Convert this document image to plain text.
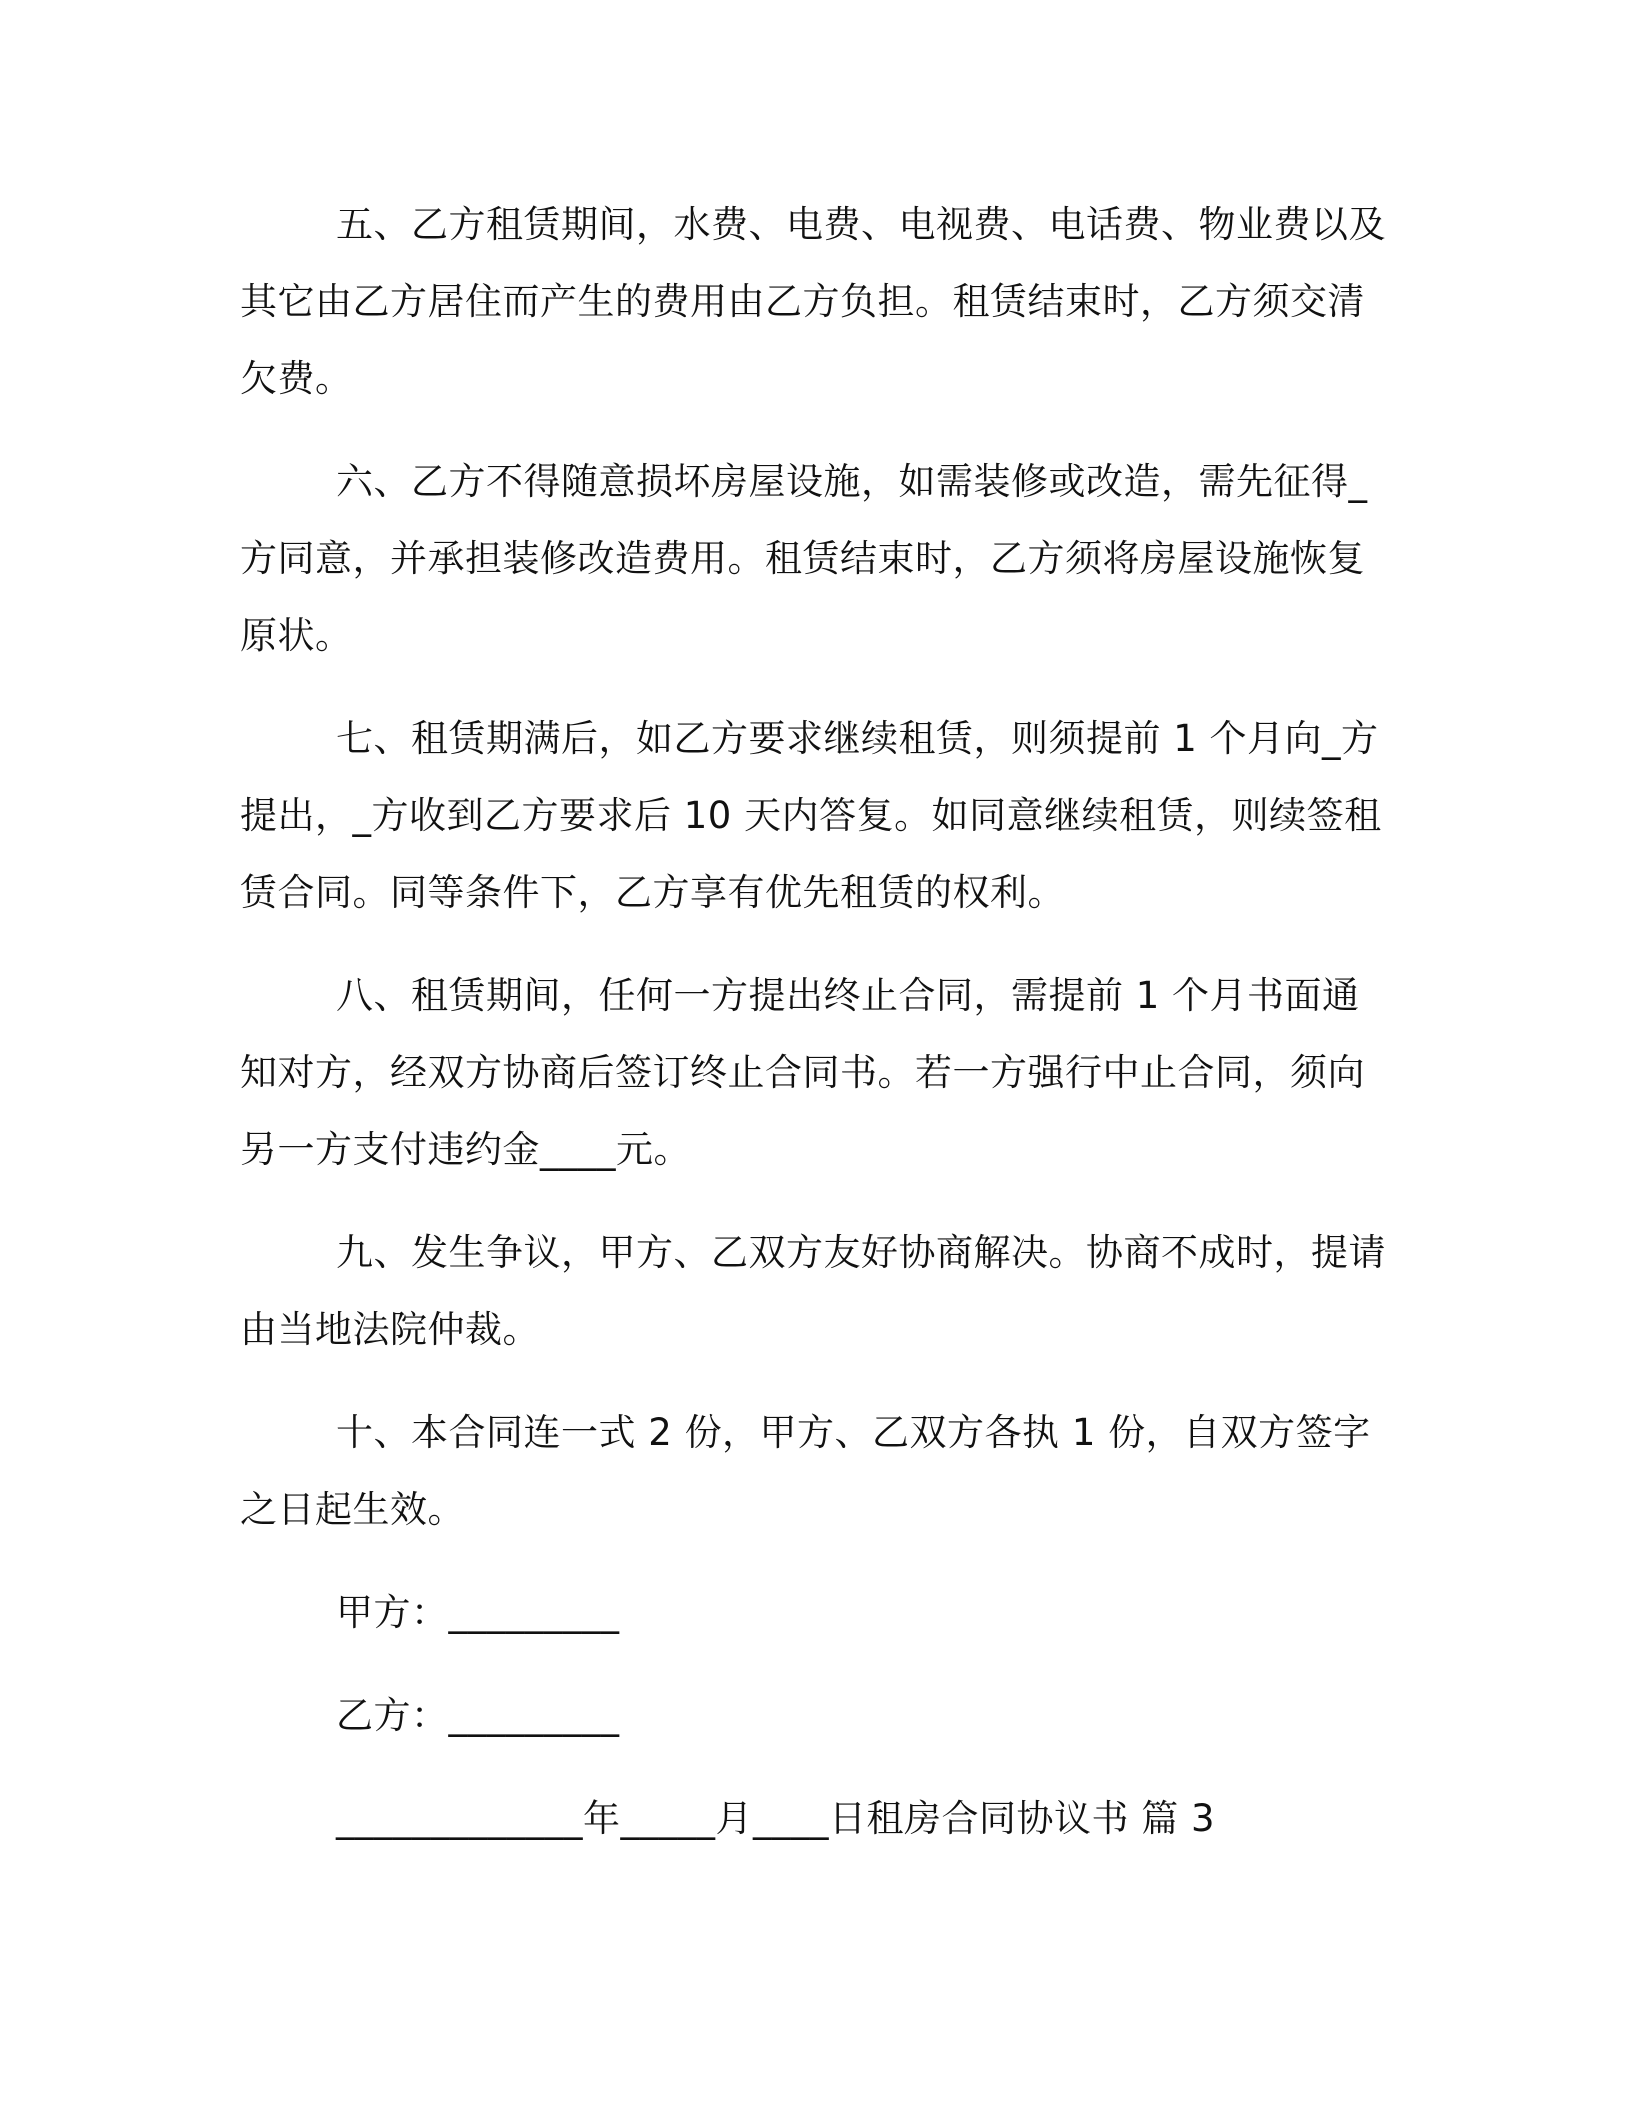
五、乙方租赁期间，水费、电费、电视费、电话费、物业费以及其它由乙方居住而产生的费用由乙方负担。租赁结束时，乙方须交清欠费。

六、乙方不得随意损坏房屋设施，如需装修或改造，需先征得_方同意，并承担装修改造费用。租赁结束时，乙方须将房屋设施恢复原状。

七、租赁期满后，如乙方要求继续租赁，则须提前 1 个月向_方提出，_方收到乙方要求后 10 天内答复。如同意继续租赁，则续签租赁合同。同等条件下，乙方享有优先租赁的权利。

八、租赁期间，任何一方提出终止合同，需提前 1 个月书面通知对方，经双方协商后签订终止合同书。若一方强行中止合同，须向另一方支付违约金____元。

九、发生争议，甲方、乙双方友好协商解决。协商不成时，提请由当地法院仲裁。

十、本合同连一式 2 份，甲方、乙双方各执 1 份，自双方签字之日起生效。

甲方：_________
乙方：_________
_____________年_____月____日租房合同协议书 篇 3
